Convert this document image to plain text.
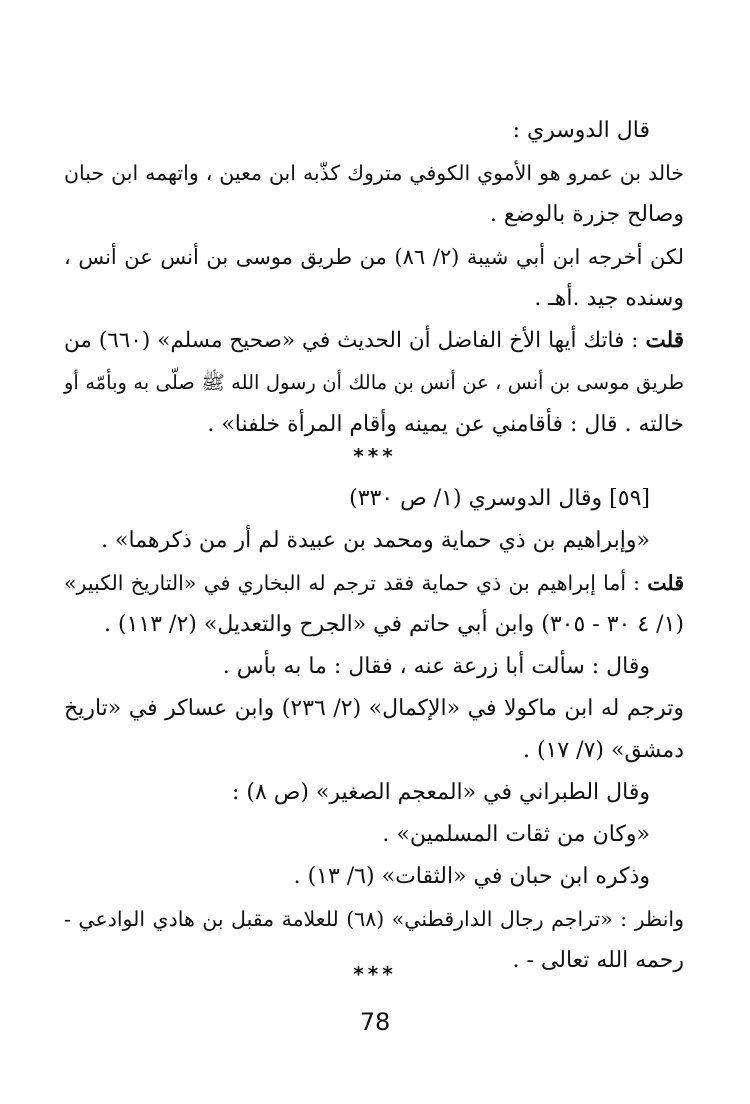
قال الدوسري :
خالد بن عمرو هو الأموي الكوفي متروك كذّبه ابن معين ، واتهمه ابن حبان
وصالح جزرة بالوضع .
لكن أخرجه ابن أبي شيبة (٢/ ٨٦) من طريق موسى بن أنس عن أنس ،
وسنده جيد .أهـ .
قلت : فاتك أيها الأخ الفاضل أن الحديث في «صحيح مسلم» (٦٦٠) من
طريق موسى بن أنس ، عن أنس بن مالك أن رسول الله ﷺ صلّى به وبأمّه أو
خالته . قال : فأقامني عن يمينه وأقام المرأة خلفنا» .
***
[٥٩] وقال الدوسري (١/ ص ٣٣٠)
«وإبراهيم بن ذي حماية ومحمد بن عبيدة لم أر من ذكرهما» .
قلت : أما إبراهيم بن ذي حماية فقد ترجم له البخاري في «التاريخ الكبير»
(١/ ٤ ٣٠ - ٣٠٥) وابن أبي حاتم في «الجرح والتعديل» (٢/ ١١٣) .
وقال : سألت أبا زرعة عنه ، فقال : ما به بأس .
وترجم له ابن ماكولا في «الإكمال» (٢/ ٢٣٦) وابن عساكر في «تاريخ
دمشق» (٧/ ١٧) .
وقال الطبراني في «المعجم الصغير» (ص ٨) :
«وكان من ثقات المسلمين» .
وذكره ابن حبان في «الثقات» (٦/ ١٣) .
وانظر : «تراجم رجال الدارقطني» (٦٨) للعلامة مقبل بن هادي الوادعي -
رحمه الله تعالى - .
***
78
